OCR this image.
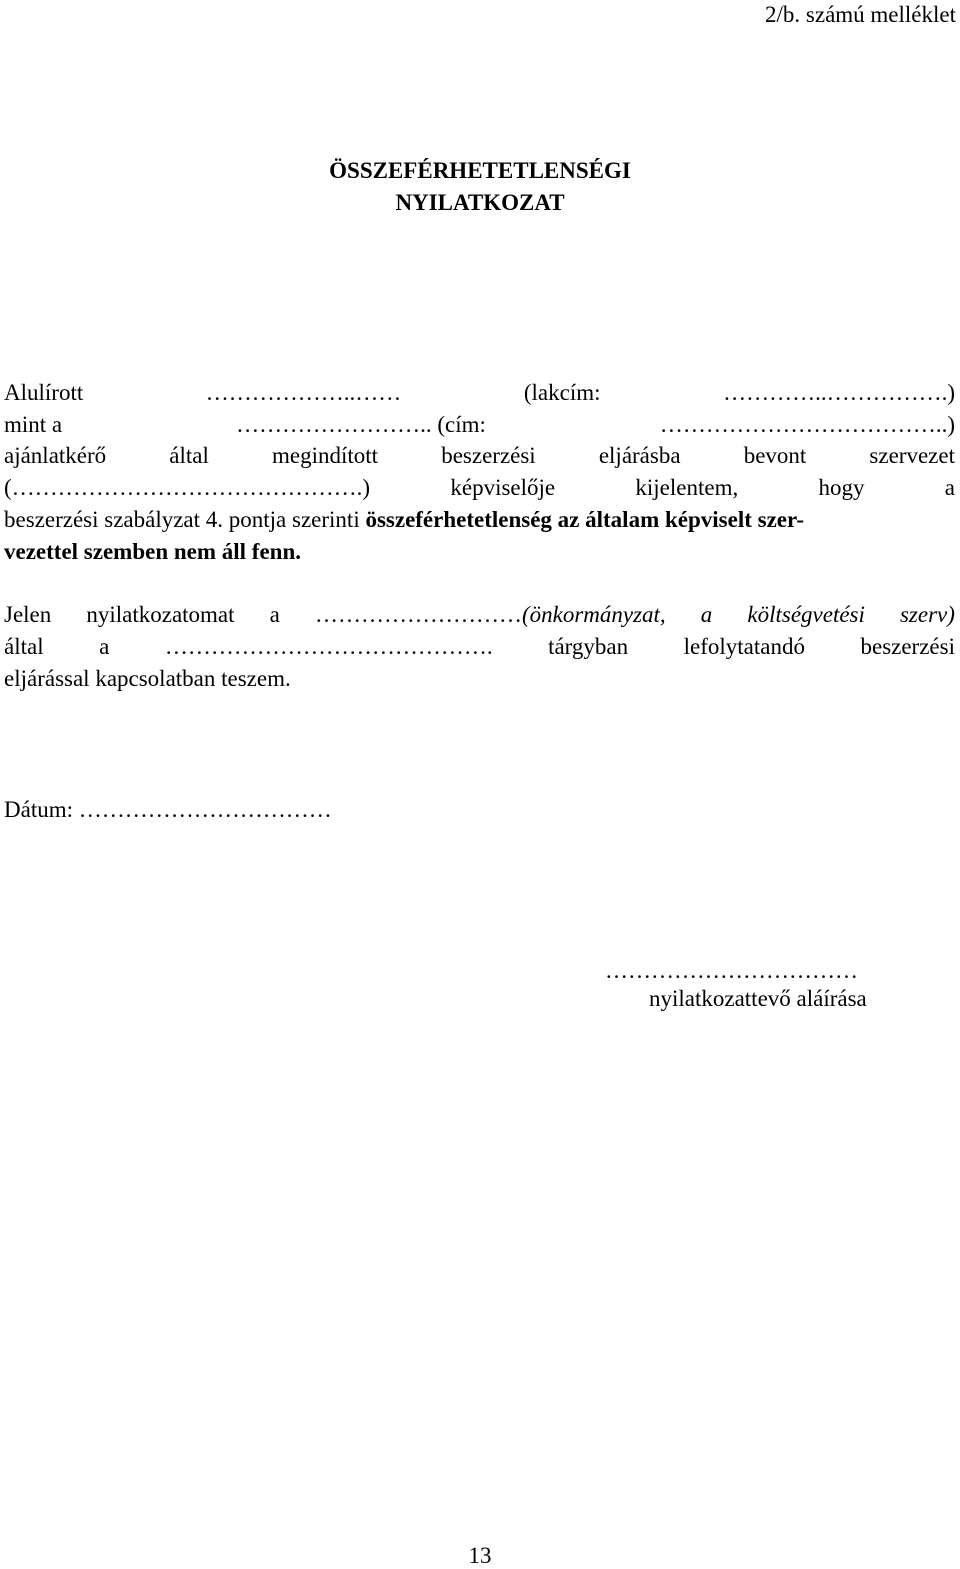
2/b. számú melléklet
ÖSSZEFÉRHETETLENSÉGI
NYILATKOZAT
Alulírott	………………..……	(lakcím:	…………..…………….)
mint a	…………………….. (cím:	………………………………..)
ajánlatkérő	által	megindított	beszerzési	eljárásba	bevont	szervezet
(……………………………………….)	képviselője	kijelentem,	hogy	a
beszerzési szabályzat 4. pontja szerinti összeférhetetlenség az általam képviselt szer-
vezettel szemben nem áll fenn.
Jelen nyilatkozatomat a ………………………(önkormányzat, a költségvetési szerv)
által a ……………………………………. tárgyban lefolytatandó beszerzési
eljárással kapcsolatban teszem.
Dátum: ……………………………
……………………………
nyilatkozattevő aláírása
13
